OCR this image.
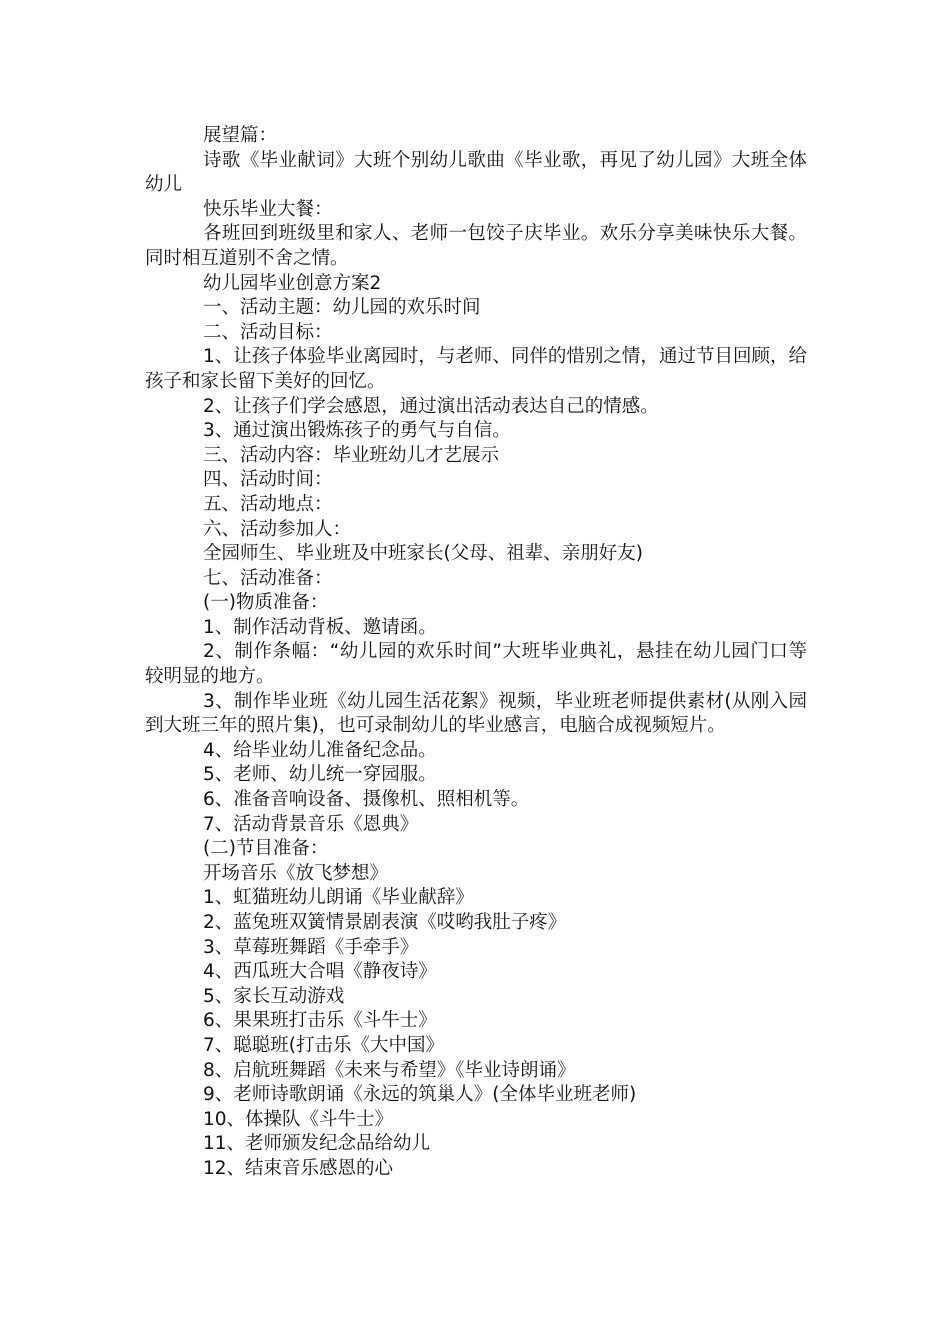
展望篇：

诗歌《毕业献词》大班个别幼儿歌曲《毕业歌，再见了幼儿园》大班全体幼儿

快乐毕业大餐：

各班回到班级里和家人、老师一包饺子庆毕业。欢乐分享美味快乐大餐。同时相互道别不舍之情。

幼儿园毕业创意方案2

一、活动主题：幼儿园的欢乐时间

二、活动目标：

1、让孩子体验毕业离园时，与老师、同伴的惜别之情，通过节目回顾，给孩子和家长留下美好的回忆。

2、让孩子们学会感恩，通过演出活动表达自己的情感。

3、通过演出锻炼孩子的勇气与自信。

三、活动内容：毕业班幼儿才艺展示

四、活动时间：

五、活动地点：

六、活动参加人：

全园师生、毕业班及中班家长(父母、祖辈、亲朋好友)

七、活动准备：

(一)物质准备：

1、制作活动背板、邀请函。

2、制作条幅：“幼儿园的欢乐时间”大班毕业典礼，悬挂在幼儿园门口等较明显的地方。

3、制作毕业班《幼儿园生活花絮》视频，毕业班老师提供素材(从刚入园到大班三年的照片集)，也可录制幼儿的毕业感言，电脑合成视频短片。

4、给毕业幼儿准备纪念品。

5、老师、幼儿统一穿园服。

6、准备音响设备、摄像机、照相机等。

7、活动背景音乐《恩典》

(二)节目准备：

开场音乐《放飞梦想》

1、虹猫班幼儿朗诵《毕业献辞》

2、蓝兔班双簧情景剧表演《哎哟我肚子疼》

3、草莓班舞蹈《手牵手》

4、西瓜班大合唱《静夜诗》

5、家长互动游戏

6、果果班打击乐《斗牛士》

7、聪聪班(打击乐《大中国》

8、启航班舞蹈《未来与希望》《毕业诗朗诵》

9、老师诗歌朗诵《永远的筑巢人》(全体毕业班老师)

10、体操队《斗牛士》

11、老师颁发纪念品给幼儿

12、结束音乐感恩的心
